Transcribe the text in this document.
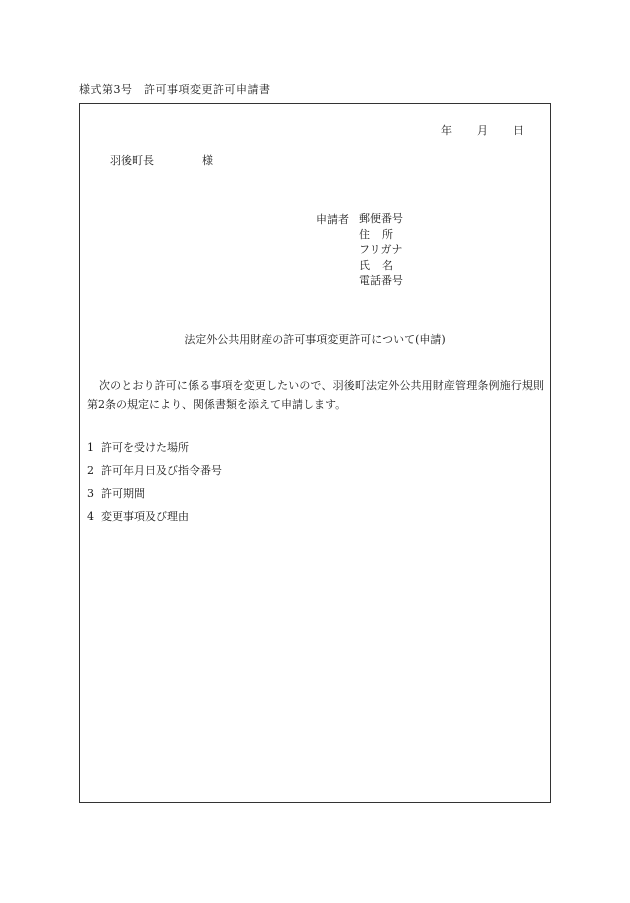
様式第3号　許可事項変更許可申請書
年 月 日
羽後町長	様
申請者 郵便番号
住	所
フリガナ
氏	名
電話番号
法定外公共用財産の許可事項変更許可について(申請)
次のとおり許可に係る事項を変更したいので、羽後町法定外公共用財産管理条例施行規則第2条の規定により、関係書類を添えて申請します。
1 許可を受けた場所
2 許可年月日及び指令番号
3 許可期間
4 変更事項及び理由
